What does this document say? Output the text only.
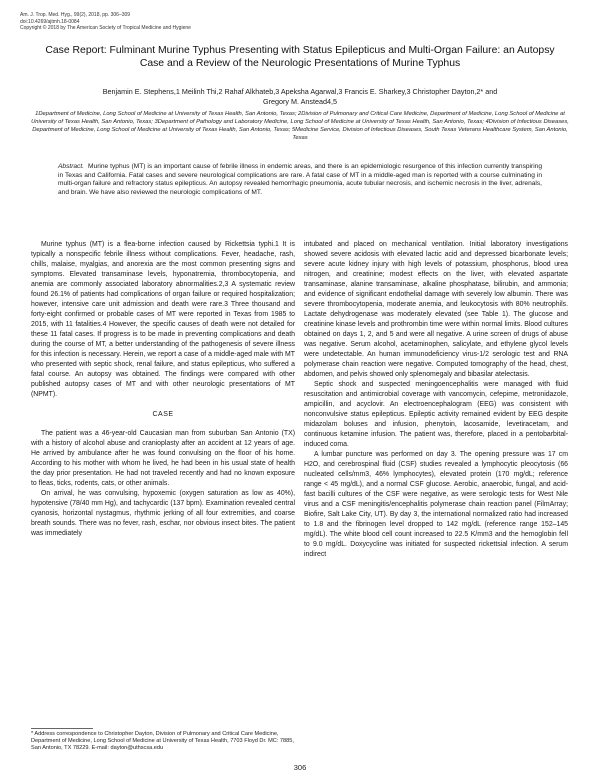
Am. J. Trop. Med. Hyg., 99(2), 2018, pp. 306–309
doi:10.4269/ajtmh.18-0084
Copyright © 2018 by The American Society of Tropical Medicine and Hygiene
Case Report: Fulminant Murine Typhus Presenting with Status Epilepticus and Multi-Organ Failure: an Autopsy Case and a Review of the Neurologic Presentations of Murine Typhus
Benjamin E. Stephens,1 Meilinh Thi,2 Rahaf Alkhateb,3 Apeksha Agarwal,3 Francis E. Sharkey,3 Christopher Dayton,2* and
Gregory M. Anstead4,5
1Department of Medicine, Long School of Medicine at University of Texas Health, San Antonio, Texas; 2Division of Pulmonary and Critical Care Medicine, Department of Medicine, Long School of Medicine at University of Texas Health, San Antonio, Texas; 3Department of Pathology and Laboratory Medicine, Long School of Medicine at University of Texas Health, San Antonio, Texas; 4Division of Infectious Diseases, Department of Medicine, Long School of Medicine at University of Texas Health, San Antonio, Texas; 5Medicine Service, Division of Infectious Diseases, South Texas Veterans Healthcare System, San Antonio, Texas
Abstract. Murine typhus (MT) is an important cause of febrile illness in endemic areas, and there is an epidemiologic resurgence of this infection currently transpiring in Texas and California. Fatal cases and severe neurological complications are rare. A fatal case of MT in a middle-aged man is reported with a course culminating in multi-organ failure and refractory status epilepticus. An autopsy revealed hemorrhagic pneumonia, acute tubular necrosis, and ischemic necrosis in the liver, adrenals, and brain. We have also reviewed the neurologic complications of MT.

Murine typhus (MT) is a flea-borne infection caused by Rickettsia typhi.1 It is typically a nonspecific febrile illness without complications. Fever, headache, rash, chills, malaise, myalgias, and anorexia are the most common presenting signs and symptoms. Elevated transaminase levels, hyponatremia, thrombocytopenia, and anemia are commonly associated laboratory abnormalities.2,3 A systematic review found 26.1% of patients had complications of organ failure or required hospitalization; however, intensive care unit admission and death were rare.3 Three thousand and forty-eight confirmed or probable cases of MT were reported in Texas from 1985 to 2015, with 11 fatalities.4 However, the specific causes of death were not detailed for these 11 fatal cases. If progress is to be made in preventing complications and death during the course of MT, a better understanding of the pathogenesis of severe illness for this infection is necessary. Herein, we report a case of a middle-aged male with MT who presented with septic shock, renal failure, and status epilepticus, who suffered a fatal course. An autopsy was obtained. The findings were compared with other published autopsy cases of MT and with other neurologic presentations of MT (NPMT).

CASE

The patient was a 46-year-old Caucasian man from suburban San Antonio (TX) with a history of alcohol abuse and cranioplasty after an accident at 12 years of age. He arrived by ambulance after he was found convulsing on the floor of his home. According to his mother with whom he lived, he had been in his usual state of health the day prior presentation. He had not traveled recently and had no known exposure to fleas, ticks, rodents, cats, or other animals.

On arrival, he was convulsing, hypoxemic (oxygen saturation as low as 40%), hypotensive (78/40 mm Hg), and tachycardic (137 bpm). Examination revealed central cyanosis, horizontal nystagmus, rhythmic jerking of all four extremities, and coarse breath sounds. There was no fever, rash, eschar, nor obvious insect bites. The patient was immediately

intubated and placed on mechanical ventilation. Initial laboratory investigations showed severe acidosis with elevated lactic acid and depressed bicarbonate levels; severe acute kidney injury with high levels of potassium, phosphorus, blood urea nitrogen, and creatinine; modest effects on the liver, with elevated aspartate transaminase, alanine transaminase, alkaline phosphatase, bilirubin, and ammonia; and evidence of significant endothelial damage with severely low albumin. There was severe thrombocytopenia, moderate anemia, and leukocytosis with 80% neutrophils. Lactate dehydrogenase was moderately elevated (see Table 1). The glucose and creatinine kinase levels and prothrombin time were within normal limits. Blood cultures obtained on days 1, 2, and 5 and were all negative. A urine screen of drugs of abuse was negative. Serum alcohol, acetaminophen, salicylate, and ethylene glycol levels were undetectable. An human immunodeficiency virus-1/2 serologic test and RNA polymerase chain reaction were negative. Computed tomography of the head, chest, abdomen, and pelvis showed only splenomegaly and bibasilar atelectasis.

Septic shock and suspected meningoencephalitis were managed with fluid resuscitation and antimicrobial coverage with vancomycin, cefepime, metronidazole, ampicillin, and acyclovir. An electroencephalogram (EEG) was consistent with nonconvulsive status epilepticus. Epileptic activity remained evident by EEG despite midazolam boluses and infusion, phenytoin, lacosamide, levetiracetam, and continuous ketamine infusion. The patient was, therefore, placed in a pentobarbital-induced coma.

A lumbar puncture was performed on day 3. The opening pressure was 17 cm H2O, and cerebrospinal fluid (CSF) studies revealed a lymphocytic pleocytosis (66 nucleated cells/mm3, 46% lymphocytes), elevated protein (170 mg/dL; reference range < 45 mg/dL), and a normal CSF glucose. Aerobic, anaerobic, fungal, and acid-fast bacilli cultures of the CSF were negative, as were serologic tests for West Nile virus and a CSF meningitis/encephalitis polymerase chain reaction panel (FilmArray; Biofire, Salt Lake City, UT). By day 3, the international normalized ratio had increased to 1.8 and the fibrinogen level dropped to 142 mg/dL (reference range 152–145 mg/dL). The white blood cell count increased to 22.5 K/mm3 and the hemoglobin fell to 9.0 mg/dL. Doxycycline was initiated for suspected rickettsial infection. A serum indirect

* Address correspondence to Christopher Dayton, Division of Pulmonary and Critical Care Medicine, Department of Medicine, Long School of Medicine at University of Texas Health, 7703 Floyd Dr. MC: 7885, San Antonio, TX 78229. E-mail: dayton@uthscsa.edu
306
